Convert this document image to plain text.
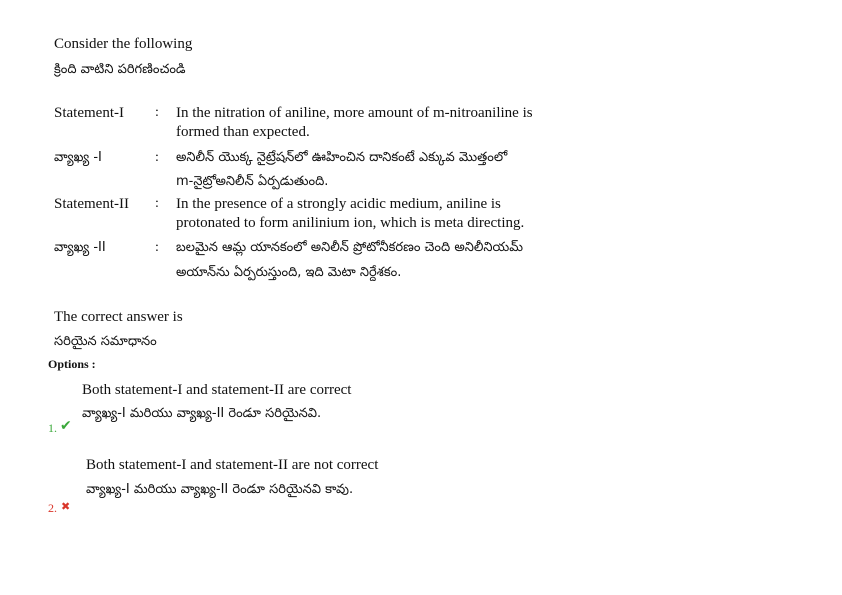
Consider the following
క్రింది వాటిని పరిగణించండి
Statement-I : In the nitration of aniline, more amount of m-nitroaniline is
formed than expected.
వ్యాఖ్య -I	: అనిలీన్ యొక్క నైట్రేషన్‌లో ఊహించిన దానికంటే ఎక్కువ మొత్తంలో
m-నైట్రోఅనిలీన్ ఏర్పడుతుంది.
Statement-II : In the presence of a strongly acidic medium, aniline is
protonated to form anilinium ion, which is meta directing.
వ్యాఖ్య -II	: బలమైన ఆమ్ల యానకంలో అనిలీన్ ప్రోటోనీకరణం చెంది అనిలీనియమ్
అయాన్‌ను ఏర్పరుస్తుంది, ఇది మెటా నిర్దేశకం.
The correct answer is
సరియైన సమాధానం
Options :
Both statement-I and statement-II are correct
వ్యాఖ్య-I మరియు వ్యాఖ్య-II రెండూ సరియైనవి.
1. ✔
Both statement-I and statement-II are not correct
వ్యాఖ్య-I మరియు వ్యాఖ్య-II రెండూ సరియైనవి కావు.
2. ✖
